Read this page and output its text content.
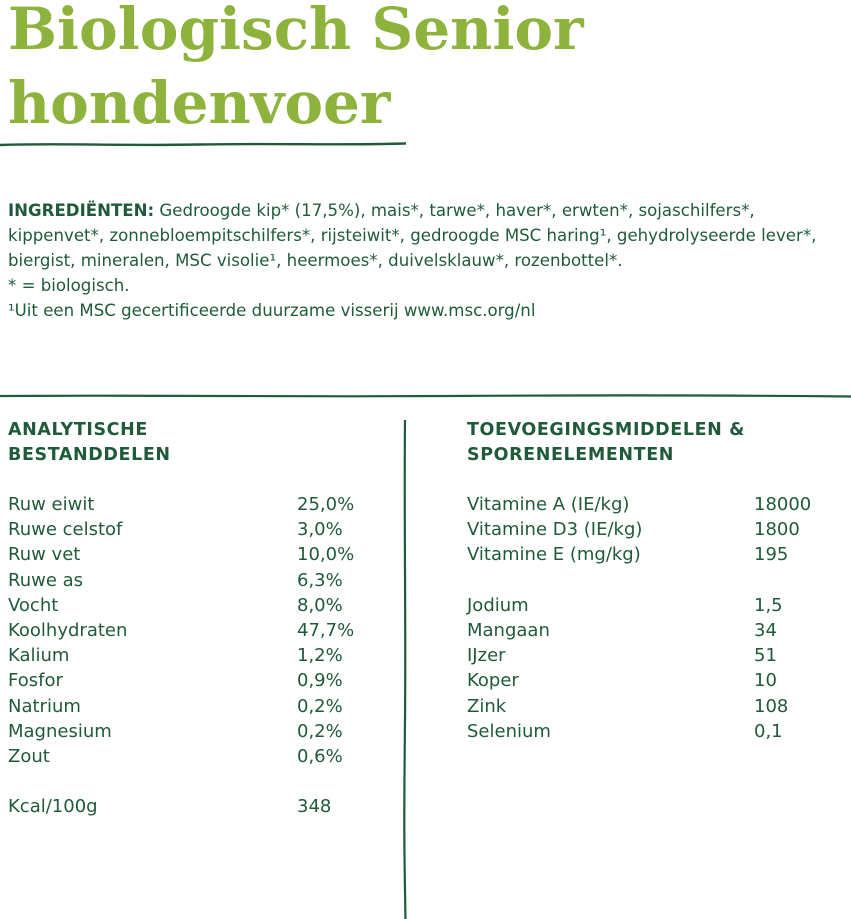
Biologisch Senior
hondenvoer

INGREDIËNTEN: Gedroogde kip* (17,5%), mais*, tarwe*, haver*, erwten*, sojaschilfers*, kippenvet*, zonnebloempitschilfers*, rijsteiwit*, gedroogde MSC haring¹, gehydrolyseerde lever*, biergist, mineralen, MSC visolie¹, heermoes*, duivelsklauw*, rozenbottel*.

* = biologisch.

¹Uit een MSC gecertificeerde duurzame visserij www.msc.org/nl

ANALYTISCHE
BESTANDDELEN
Ruw eiwit	25,0%
Ruwe celstof	3,0%
Ruw vet	10,0%
Ruwe as	6,3%
Vocht	8,0%
Koolhydraten	47,7%
Kalium	1,2%
Fosfor	0,9%
Natrium	0,2%
Magnesium	0,2%
Zout	0,6%
Kcal/100g	348
TOEVOEGINGSMIDDELEN &
SPORENELEMENTEN
Vitamine A (IE/kg)	18000
Vitamine D3 (IE/kg)	1800
Vitamine E (mg/kg)	195
Jodium	1,5
Mangaan	34
IJzer	51
Koper	10
Zink	108
Selenium	0,1
